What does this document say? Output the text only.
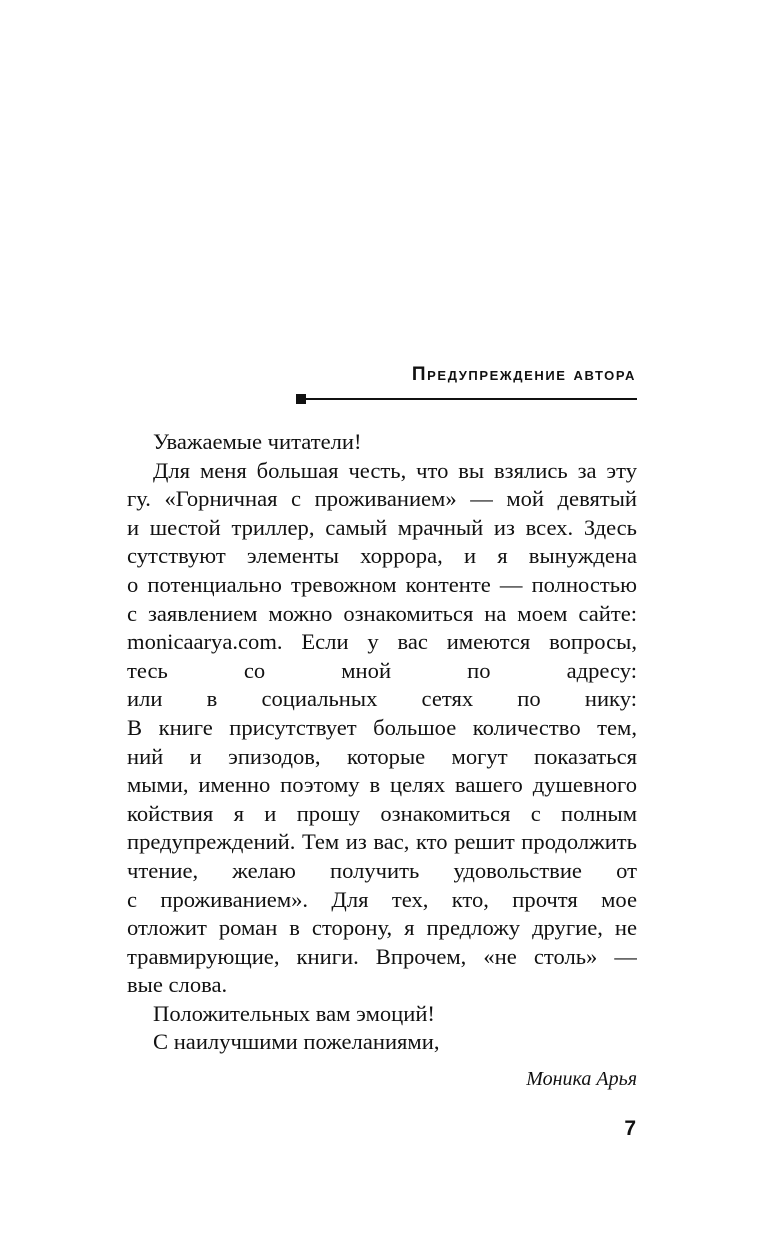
Предупреждение автора
Уважаемые читатели!
Для меня большая честь, что вы взялись за эту
гу. «Горничная с проживанием» — мой девятый
и шестой триллер, самый мрачный из всех. Здесь
сутствуют элементы хоррора, и я вынуждена
о потенциально тревожном контенте — полностью
с заявлением можно ознакомиться на моем сайте:
monicaarya.com. Если у вас имеются вопросы,
тесь со мной по адресу:
или в социальных сетях по нику:
В книге присутствует большое количество тем,
ний и эпизодов, которые могут показаться
мыми, именно поэтому в целях вашего душевного
койствия я и прошу ознакомиться с полным
предупреждений. Тем из вас, кто решит продолжить
чтение, желаю получить удовольствие от
с проживанием». Для тех, кто, прочтя мое
отложит роман в сторону, я предложу другие, не
травмирующие, книги. Впрочем, «не столь» —
вые слова.
Положительных вам эмоций!
С наилучшими пожеланиями,
Моника Арья
7
